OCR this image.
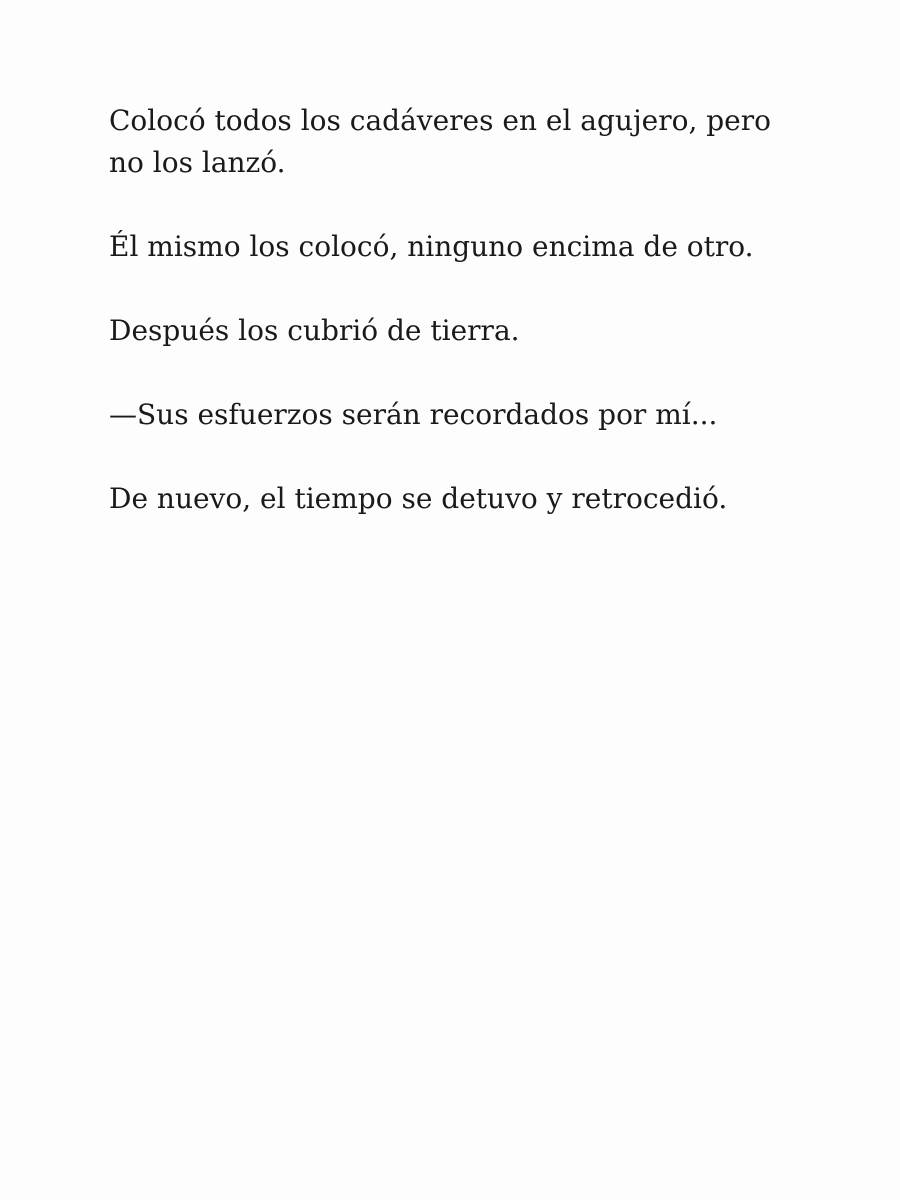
Colocó todos los cadáveres en el agujero, pero no los lanzó.

Él mismo los colocó, ninguno encima de otro.

Después los cubrió de tierra.

—Sus esfuerzos serán recordados por mí...

De nuevo, el tiempo se detuvo y retrocedió.
